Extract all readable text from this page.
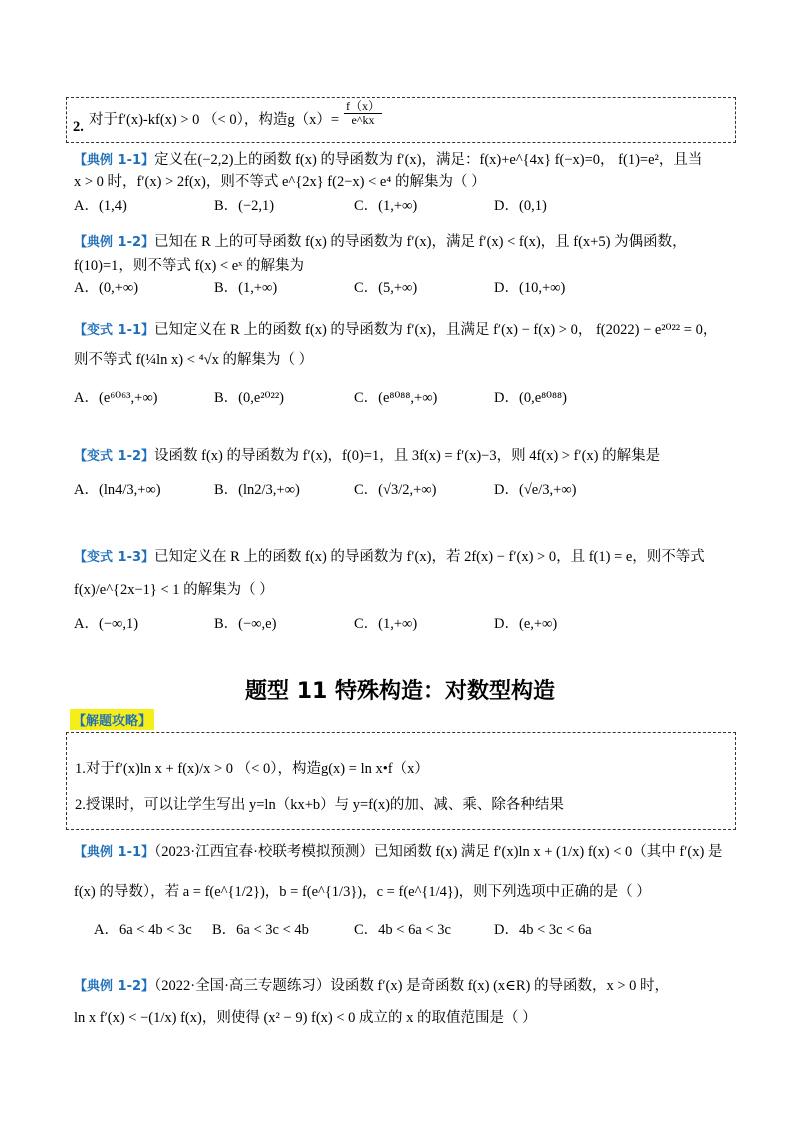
2. 对于f′(x)-kf(x) > 0 （< 0），构造$g(x)= \frac{f(x)}{e\^{}kx}$
【典例 1-1】定义在(−2,2)上的函数 f(x) 的导函数为 f′(x)，满足：f(x)+e^{4x} f(−x)=0， f(1)=e²，且当
x > 0 时，f′(x) > 2f(x)，则不等式 e^{2x} f(2−x) < e⁴ 的解集为（ ）
A．(1,4)	B．(−2,1)	C．(1,+∞)	D．(0,1)
【典例 1-2】已知在 R 上的可导函数 f(x) 的导函数为 f′(x)，满足 f′(x) < f(x)，且 f(x+5) 为偶函数，
f(10)=1，则不等式 f(x) < eˣ 的解集为
A．(0,+∞)	B．(1,+∞)	C．(5,+∞)	D．(10,+∞)
【变式 1-1】已知定义在 R 上的函数 f(x) 的导函数为 f′(x)，且满足 f′(x) − f(x) > 0， f(2022) − e²⁰²² = 0，
则不等式 f(¼ln x) < ⁴√x 的解集为（ ）
A．(e⁶⁰⁶³,+∞)	B．(0,e²⁰²²)	C．(e⁸⁰⁸⁸,+∞)	D．(0,e⁸⁰⁸⁸)
【变式 1-2】设函数 f(x) 的导函数为 f′(x)，f(0)=1，且 3f(x) = f′(x)−3，则 4f(x) > f′(x) 的解集是
A．(ln4/3,+∞)	B．(ln2/3,+∞)	C．(√3/2,+∞)	D．(√e/3,+∞)
【变式 1-3】已知定义在 R 上的函数 f(x) 的导函数为 f′(x)，若 2f(x) − f′(x) > 0，且 f(1) = e，则不等式
f(x)/e^{2x−1} < 1 的解集为（ ）
A．(−∞,1)	B．(−∞,e)	C．(1,+∞)	D．(e,+∞)
题型 11 特殊构造：对数型构造
【解题攻略】
1.对于f′(x)ln x + f(x)/x > 0 （< 0），构造g(x) = ln x•f（x）
2.授课时，可以让学生写出 y=ln（kx+b）与 y=f(x)的加、减、乘、除各种结果
【典例 1-1】（2023·江西宜春·校联考模拟预测）已知函数 f(x) 满足 f′(x)ln x + (1/x) f(x) < 0（其中 f′(x) 是
f(x) 的导数），若 a = f(e^{1/2})，b = f(e^{1/3})，c = f(e^{1/4})，则下列选项中正确的是（ ）
A．6a < 4b < 3c B．6a < 3c < 4b	C．4b < 6a < 3c	D．4b < 3c < 6a
【典例 1-2】（2022·全国·高三专题练习）设函数 f′(x) 是奇函数 f(x) (x∈R) 的导函数，x > 0 时，
ln x f′(x) < −(1/x) f(x)，则使得 (x² − 9) f(x) < 0 成立的 x 的取值范围是（ ）
